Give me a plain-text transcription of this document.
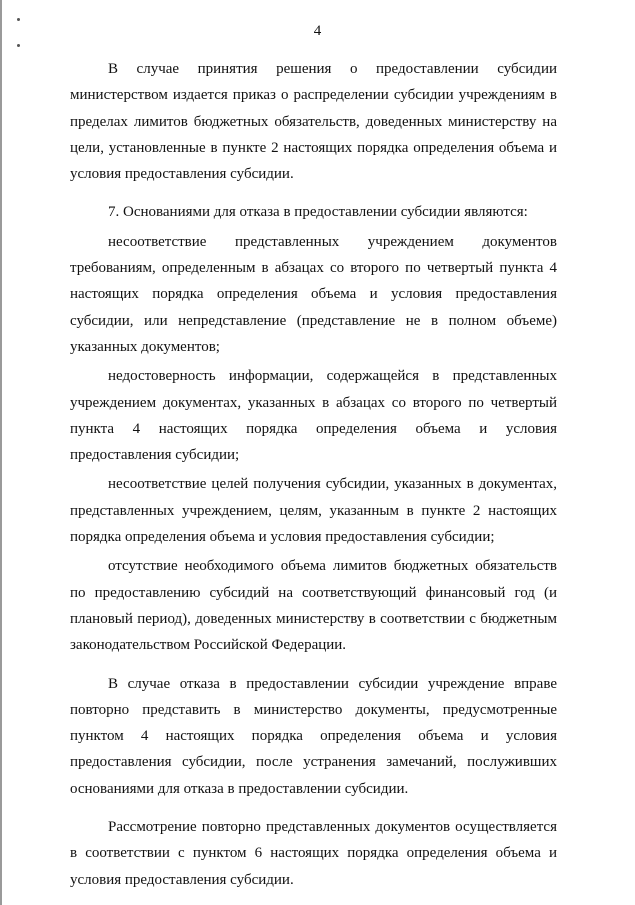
4

В случае принятия решения о предоставлении субсидии министерством издается приказ о распределении субсидии учреждениям в пределах лимитов бюджетных обязательств, доведенных министерству на цели, установленные в пункте 2 настоящих порядка определения объема и условия предоставления субсидии.

7. Основаниями для отказа в предоставлении субсидии являются:

несоответствие представленных учреждением документов требованиям, определенным в абзацах со второго по четвертый пункта 4 настоящих порядка определения объема и условия предоставления субсидии, или непредставление (представление не в полном объеме) указанных документов;

недостоверность информации, содержащейся в представленных учреждением документах, указанных в абзацах со второго по четвертый пункта 4 настоящих порядка определения объема и условия предоставления субсидии;

несоответствие целей получения субсидии, указанных в документах, представленных учреждением, целям, указанным в пункте 2 настоящих порядка определения объема и условия предоставления субсидии;

отсутствие необходимого объема лимитов бюджетных обязательств по предоставлению субсидий на соответствующий финансовый год (и плановый период), доведенных министерству в соответствии с бюджетным законодательством Российской Федерации.

В случае отказа в предоставлении субсидии учреждение вправе повторно представить в министерство документы, предусмотренные пунктом 4 настоящих порядка определения объема и условия предоставления субсидии, после устранения замечаний, послуживших основаниями для отказа в предоставлении субсидии.

Рассмотрение повторно представленных документов осуществляется в соответствии с пунктом 6 настоящих порядка определения объема и условия предоставления субсидии.
